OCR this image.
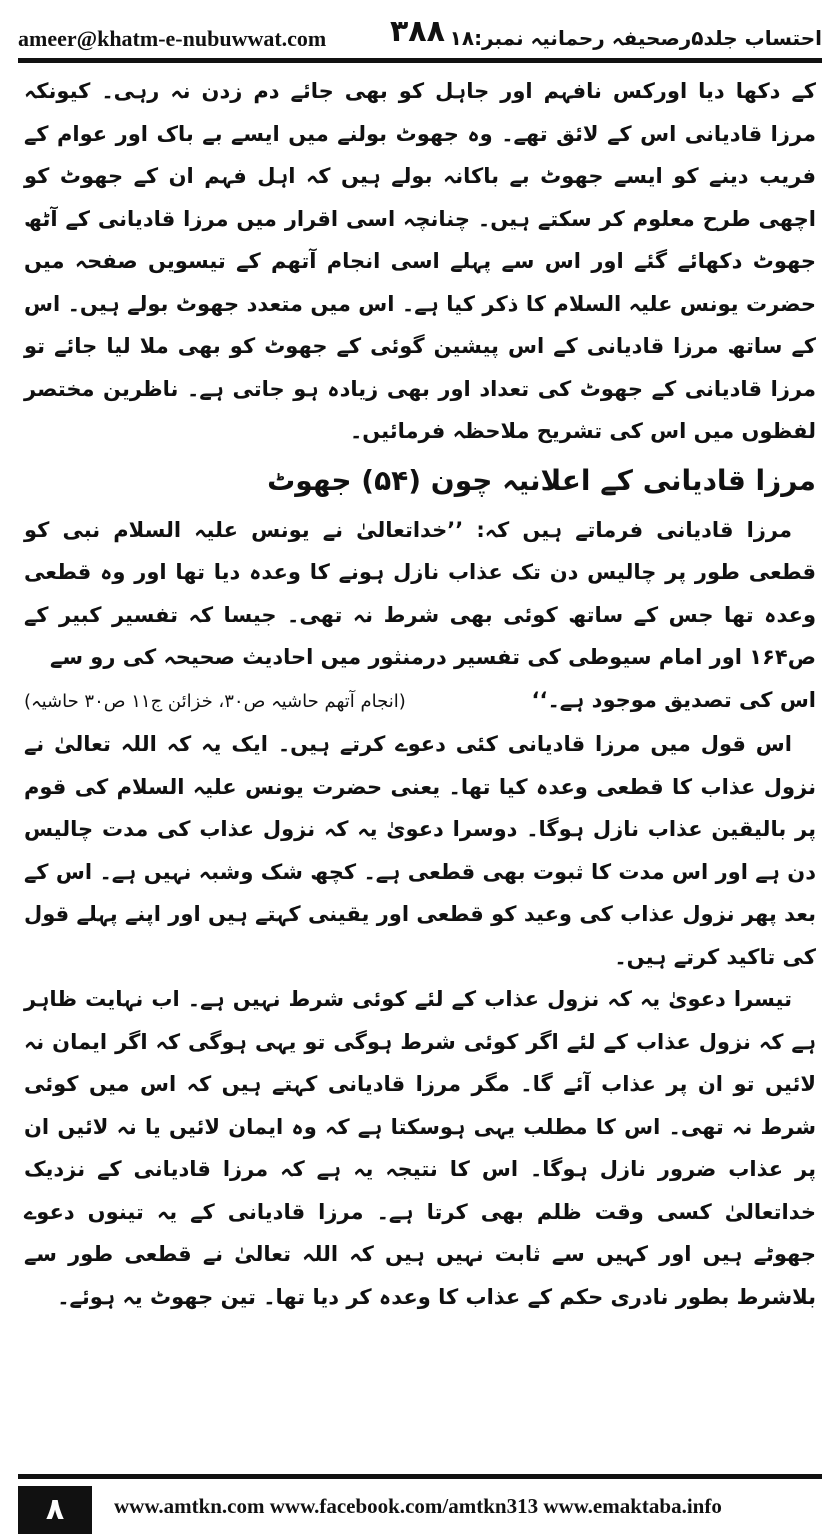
ameer@khatm-e-nubuwwat.com ۳۸۸ احتساب جلد۵رصحیفہ رحمانیہ نمبر:۱۸

کے دکھا دیا اورکس نافہم اور جاہل کو بھی جائے دم زدن نہ رہی۔ کیونکہ مرزا قادیانی اس کے لائق تھے۔ وہ جھوٹ بولنے میں ایسے بے باک اور عوام کے فریب دینے کو ایسے جھوٹ بے باکانہ بولے ہیں کہ اہل فہم ان کے جھوٹ کو اچھی طرح معلوم کر سکتے ہیں۔ چنانچہ اسی اقرار میں مرزا قادیانی کے آٹھ جھوٹ دکھائے گئے اور اس سے پہلے اسی انجام آتھم کے تیسویں صفحہ میں حضرت یونس علیہ السلام کا ذکر کیا ہے۔ اس میں متعدد جھوٹ بولے ہیں۔ اس کے ساتھ مرزا قادیانی کے اس پیشین گوئی کے جھوٹ کو بھی ملا لیا جائے تو مرزا قادیانی کے جھوٹ کی تعداد اور بھی زیادہ ہو جاتی ہے۔ ناظرین مختصر لفظوں میں اس کی تشریح ملاحظہ فرمائیں۔

مرزا قادیانی کے اعلانیہ چون (۵۴) جھوٹ

مرزا قادیانی فرماتے ہیں کہ: ’’خداتعالیٰ نے یونس علیہ السلام نبی کو قطعی طور پر چالیس دن تک عذاب نازل ہونے کا وعدہ دیا تھا اور وہ قطعی وعدہ تھا جس کے ساتھ کوئی بھی شرط نہ تھی۔ جیسا کہ تفسیر کبیر کے ص۱۶۴ اور امام سیوطی کی تفسیر درمنثور میں احادیث صحیحہ کی رو سے

اس کی تصدیق موجود ہے۔‘‘
(انجام آتھم حاشیہ ص۳۰، خزائن ج۱۱ ص۳۰ حاشیہ)

اس قول میں مرزا قادیانی کئی دعوے کرتے ہیں۔ ایک یہ کہ اللہ تعالیٰ نے نزول عذاب کا قطعی وعدہ کیا تھا۔ یعنی حضرت یونس علیہ السلام کی قوم پر بالیقین عذاب نازل ہوگا۔ دوسرا دعویٰ یہ کہ نزول عذاب کی مدت چالیس دن ہے اور اس مدت کا ثبوت بھی قطعی ہے۔ کچھ شک وشبہ نہیں ہے۔ اس کے بعد پھر نزول عذاب کی وعید کو قطعی اور یقینی کہتے ہیں اور اپنے پہلے قول کی تاکید کرتے ہیں۔

تیسرا دعویٰ یہ کہ نزول عذاب کے لئے کوئی شرط نہیں ہے۔ اب نہایت ظاہر ہے کہ نزول عذاب کے لئے اگر کوئی شرط ہوگی تو یہی ہوگی کہ اگر ایمان نہ لائیں تو ان پر عذاب آئے گا۔ مگر مرزا قادیانی کہتے ہیں کہ اس میں کوئی شرط نہ تھی۔ اس کا مطلب یہی ہوسکتا ہے کہ وہ ایمان لائیں یا نہ لائیں ان پر عذاب ضرور نازل ہوگا۔ اس کا نتیجہ یہ ہے کہ مرزا قادیانی کے نزدیک خداتعالیٰ کسی وقت ظلم بھی کرتا ہے۔ مرزا قادیانی کے یہ تینوں دعوے جھوٹے ہیں اور کہیں سے ثابت نہیں ہیں کہ اللہ تعالیٰ نے قطعی طور سے بلاشرط بطور نادری حکم کے عذاب کا وعدہ کر دیا تھا۔ تین جھوٹ یہ ہوئے۔

۸	www.amtkn.com www.facebook.com/amtkn313 www.emaktaba.info
